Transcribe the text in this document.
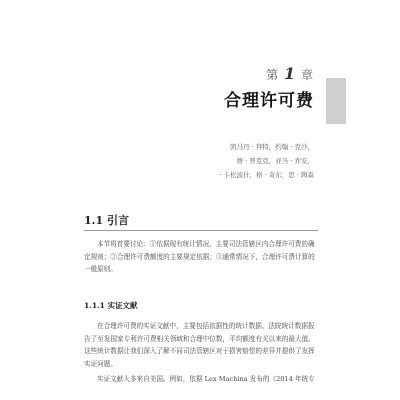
第 1 章
合理许可费
凯马丹 · 拜特，约翰 · 克沙，
詹 · 普克克，亚当 · 乔安，
· 卡松波什，格 · 奇东，思 · 陶森
1.1 引言

本节将首要讨论：①依据现有统计情况，主要司法管辖区内合理许可费的确定规则；②合理许可费额度的主要规定依据；③通常情况下，合理许可费计算的一般原则。

1.1.1 实证文献

在合理许可费的实证文献中，主要包括依据性的统计数据、法院统计数据报告了至发国家专利许可费相关领域和合理中位数，平均额度有关以来的最大值。这些统计数据让我们深入了解不同司法管辖区对于损害赔偿的差异并提供了发挥实证问题。

实证文献大多来自美国。例如，依据 Lex Machina 发布的《2014 年统专
